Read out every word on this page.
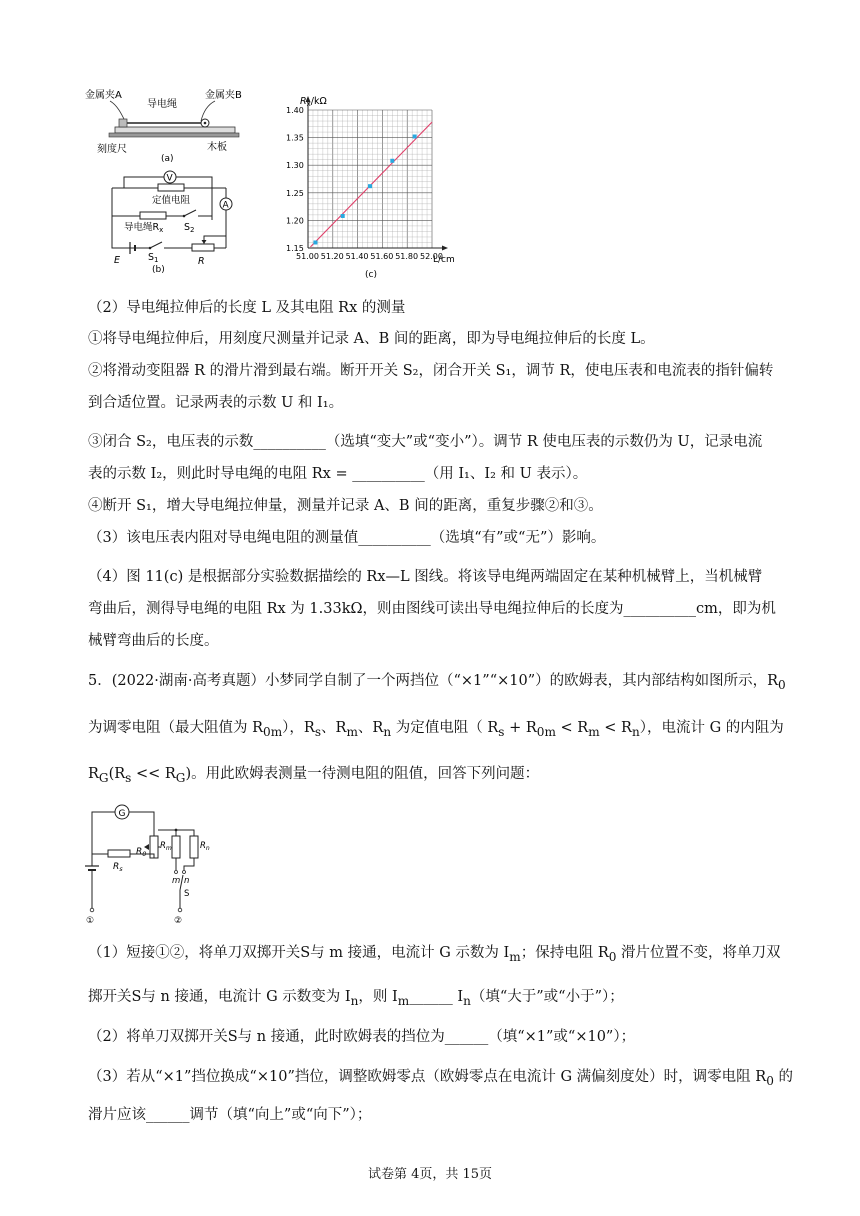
金属夹A
导电绳
金属夹B
刻度尺	木板
(a)
V
定值电阻
导电绳$R_x$ $S_2$
A
E	$S_1$	R
(b)
51.00 51.20 51.40 51.60 51.80 52.00
1.15
1.20
1.25
1.30
1.35
1.40
$R_x/k\Omega$
L/cm
(c)
（2）导电绳拉伸后的长度 L 及其电阻 Rx 的测量
①将导电绳拉伸后，用刻度尺测量并记录 A、B 间的距离，即为导电绳拉伸后的长度 L。
②将滑动变阻器 R 的滑片滑到最右端。断开开关 S₂，闭合开关 S₁，调节 R，使电压表和电流表的指针偏转
到合适位置。记录两表的示数 U 和 I₁。
③闭合 S₂，电压表的示数__________（选填“变大”或“变小”）。调节 R 使电压表的示数仍为 U，记录电流
表的示数 I₂，则此时导电绳的电阻 Rx = __________（用 I₁、I₂ 和 U 表示）。
④断开 S₁，增大导电绳拉伸量，测量并记录 A、B 间的距离，重复步骤②和③。
（3）该电压表内阻对导电绳电阻的测量值__________（选填“有”或“无”）影响。
（4）图 11(c) 是根据部分实验数据描绘的 Rx—L 图线。将该导电绳两端固定在某种机械臂上，当机械臂
弯曲后，测得导电绳的电阻 Rx 为 1.33kΩ，则由图线可读出导电绳拉伸后的长度为__________cm，即为机
械臂弯曲后的长度。
5．(2022·湖南·高考真题）小梦同学自制了一个两挡位（“×1”“×10”）的欧姆表，其内部结构如图所示，$R_0$
为调零电阻（最大阻值为 $R_{0m}$），$R_s$、$R_m$、$R_n$ 为定值电阻（ $R_s + R_{0m} < R_m < R_n$），电流计 G 的内阻为
$R_G(R_s << R_G)$。用此欧姆表测量一待测电阻的阻值，回答下列问题：
G
$R_0$
$R_s$
$R_m$	$R_n$
m n
S
①	②
（1）短接①②，将单刀双掷开关S与 m 接通，电流计 G 示数为 $I_m$；保持电阻 $R_0$ 滑片位置不变，将单刀双
掷开关S与 n 接通，电流计 G 示数变为 $I_n$，则 $I_m\_\_\_\_\_\_$ $I_n$（填“大于”或“小于”）；
（2）将单刀双掷开关S与 n 接通，此时欧姆表的挡位为______（填“×1”或“×10”）；
（3）若从“×1”挡位换成“×10”挡位，调整欧姆零点（欧姆零点在电流计 G 满偏刻度处）时，调零电阻 $R_0$ 的
滑片应该______调节（填“向上”或“向下”）；
试卷第 4页，共 15页
